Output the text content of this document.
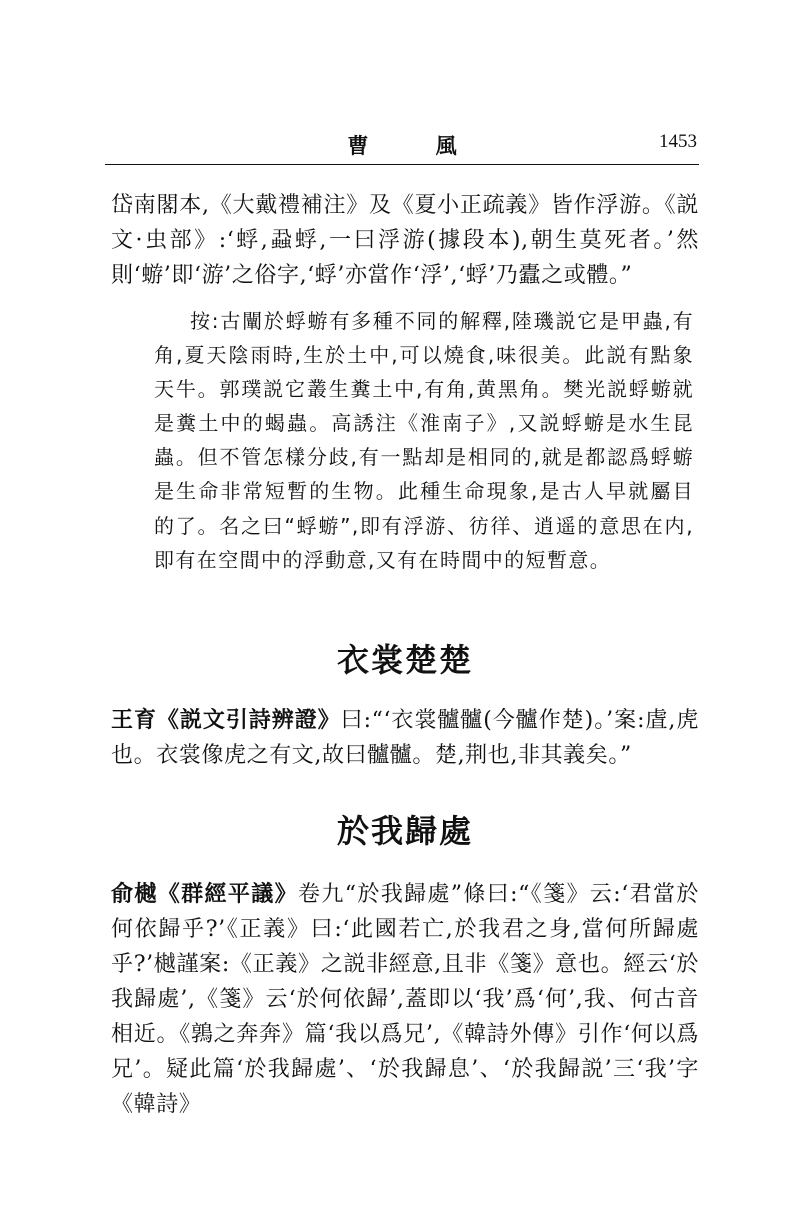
曹 風	1453

岱南閣本,《大戴禮補注》及《夏小正疏義》皆作浮游。《説文·虫部》:‘蜉,蝨蜉,一曰浮游(據段本),朝生莫死者。’然則‘蝣’即‘游’之俗字,‘蜉’亦當作‘浮’,‘蜉’乃蠹之或體。”

按:古闡於蜉蝣有多種不同的解釋,陸璣説它是甲蟲,有角,夏天陰雨時,生於土中,可以燒食,味很美。此説有點象天牛。郭璞説它叢生糞土中,有角,黄黑角。樊光説蜉蝣就是糞土中的蝎蟲。高誘注《淮南子》,又説蜉蝣是水生昆蟲。但不管怎樣分歧,有一點却是相同的,就是都認爲蜉蝣是生命非常短暫的生物。此種生命現象,是古人早就屬目的了。名之曰“蜉蝣”,即有浮游、彷徉、逍遥的意思在内,即有在空間中的浮動意,又有在時間中的短暫意。

衣裳楚楚

王育《説文引詩辨證》曰:“‘衣裳髗髗(今髗作楚)。’案:虘,虎也。衣裳像虎之有文,故曰髗髗。楚,荆也,非其義矣。”

於我歸處

俞樾《群經平議》卷九“於我歸處”條曰:“《箋》云:‘君當於何依歸乎?’《正義》曰:‘此國若亡,於我君之身,當何所歸處乎?’樾謹案:《正義》之説非經意,且非《箋》意也。經云‘於我歸處’,《箋》云‘於何依歸’,蓋即以‘我’爲‘何’,我、何古音相近。《鶉之奔奔》篇‘我以爲兄’,《韓詩外傳》引作‘何以爲兄’。疑此篇‘於我歸處’、‘於我歸息’、‘於我歸説’三‘我’字《韓詩》
